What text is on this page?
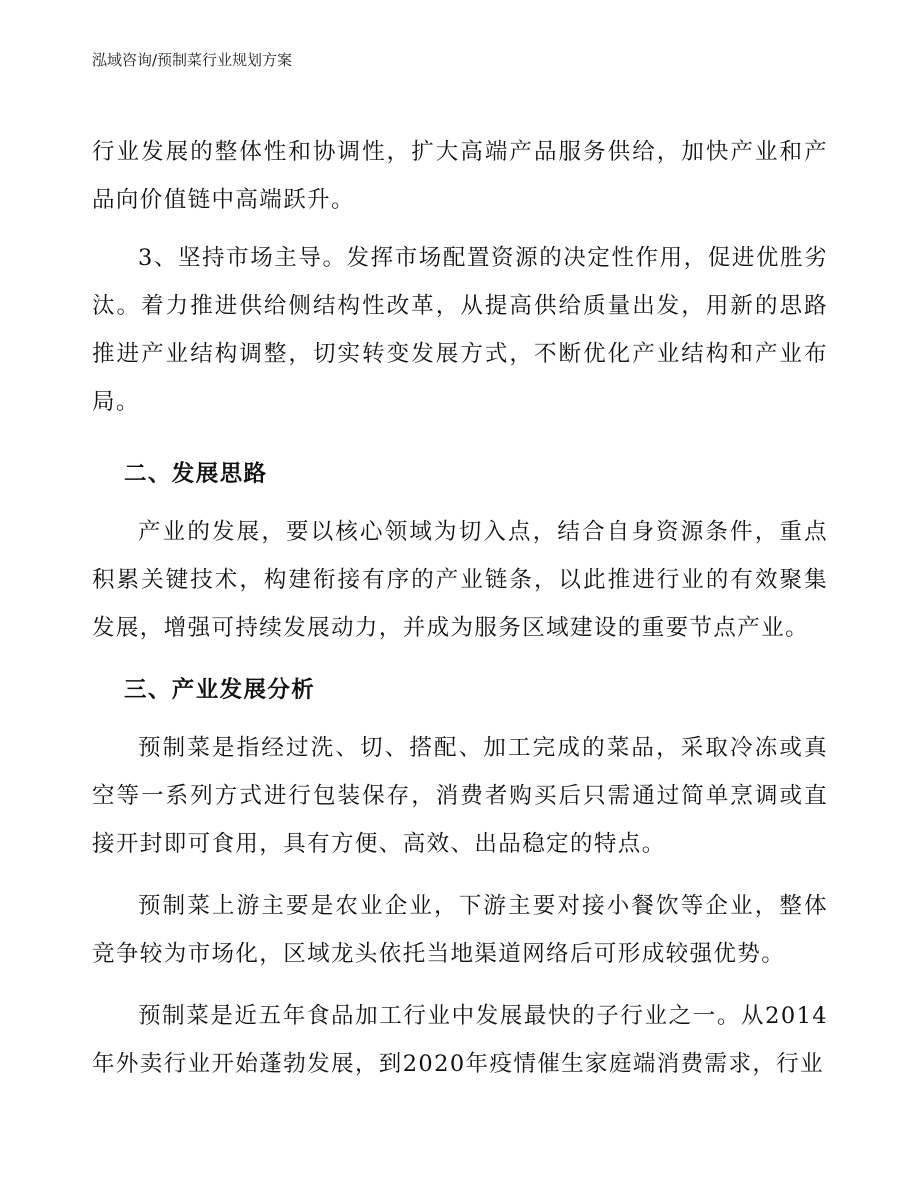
泓域咨询/预制菜行业规划方案

行业发展的整体性和协调性，扩大高端产品服务供给，加快产业和产品向价值链中高端跃升。

3、坚持市场主导。发挥市场配置资源的决定性作用，促进优胜劣汰。着力推进供给侧结构性改革，从提高供给质量出发，用新的思路推进产业结构调整，切实转变发展方式，不断优化产业结构和产业布局。

二、发展思路

产业的发展，要以核心领域为切入点，结合自身资源条件，重点积累关键技术，构建衔接有序的产业链条，以此推进行业的有效聚集发展，增强可持续发展动力，并成为服务区域建设的重要节点产业。

三、产业发展分析

预制菜是指经过洗、切、搭配、加工完成的菜品，采取冷冻或真空等一系列方式进行包装保存，消费者购买后只需通过简单烹调或直接开封即可食用，具有方便、高效、出品稳定的特点。

预制菜上游主要是农业企业，下游主要对接小餐饮等企业，整体竞争较为市场化，区域龙头依托当地渠道网络后可形成较强优势。

预制菜是近五年食品加工行业中发展最快的子行业之一。从2014年外卖行业开始蓬勃发展，到2020年疫情催生家庭端消费需求，行业
